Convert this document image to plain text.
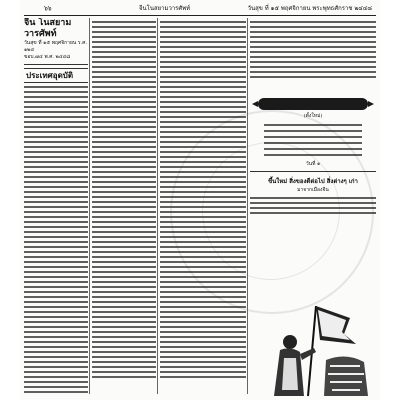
๖๖	จีนโนสยามวารศัพท์	วันสุข ที่ ๑๕ พฤศจิกายน พระพุทธศักราช ๒๔๔๘
จีน โนสยาม วารศัพท์
วันสุข ที่ ๑๕ พฤศจิกายน ร.ศ. ๑๒๔
ขอบ.๗๔ พ.ศ. ๒๔๔๘
ประเทศอุดบัติ
(ตั้งใหม่)
วันที่ ๑
ขึ้นใหม่ สิ่งของดีต่อไป สิ่งต่างๆ เก่า
มาจากเมืองจีน
